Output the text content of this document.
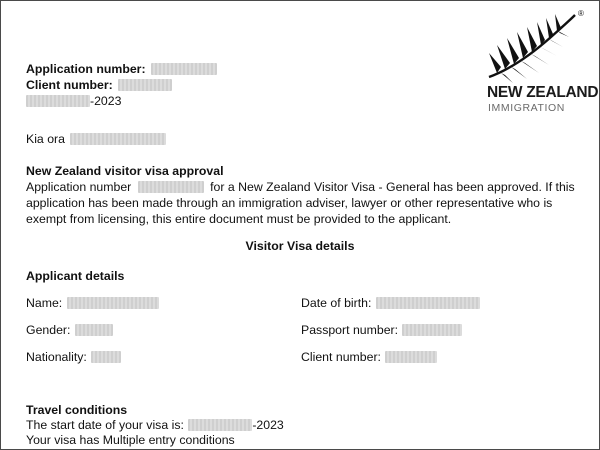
®
NEW ZEALAND
IMMIGRATION
Application number:
Client number:
-2023
Kia ora
New Zealand visitor visa approval
Application number	for a New Zealand Visitor Visa - General has been approved. If this application has been made through an immigration adviser, lawyer or other representative who is exempt from licensing, this entire document must be provided to the applicant.
Visitor Visa details
Applicant details
Name:
Gender:
Nationality:
Date of birth:
Passport number:
Client number:
Travel conditions
The start date of your visa is:	-2023
Your visa has Multiple entry conditions
